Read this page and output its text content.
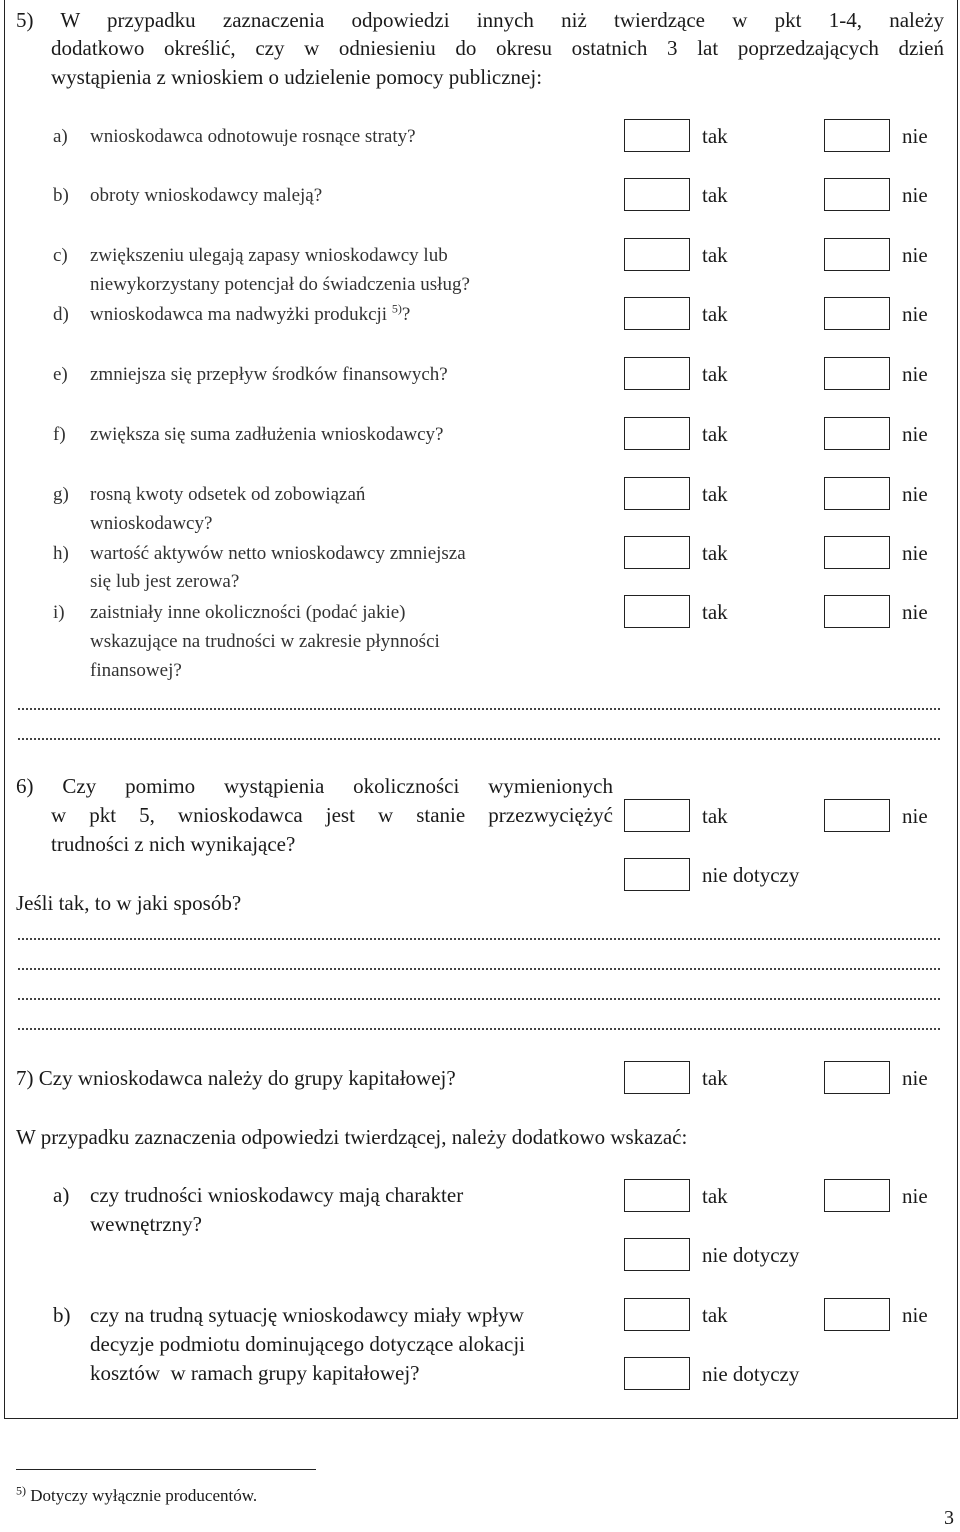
5) W przypadku zaznaczenia odpowiedzi innych niż twierdzące w pkt 1-4, należy
dodatkowo określić, czy w odniesieniu do okresu ostatnich 3 lat poprzedzających dzień
wystąpienia z wnioskiem o udzielenie pomocy publicznej:
a) wnioskodawca odnotowuje rosnące straty?	tak	nie
b) obroty wnioskodawcy maleją?	tak	nie
c) zwiększeniu ulegają zapasy wnioskodawcy lub
niewykorzystany potencjał do świadczenia usług?
tak	nie
d) wnioskodawca ma nadwyżki produkcji $^{5)}$?	tak	nie
e) zmniejsza się przepływ środków finansowych?	tak	nie
f) zwiększa się suma zadłużenia wnioskodawcy?	tak	nie
g) rosną kwoty odsetek od zobowiązań
wnioskodawcy?
tak	nie
h) wartość aktywów netto wnioskodawcy zmniejsza
się lub jest zerowa?
tak	nie
i) zaistniały inne okoliczności (podać jakie)
wskazujące na trudności w zakresie płynności
finansowej?
tak	nie
6) Czy pomimo wystąpienia okoliczności wymienionych
w pkt 5, wnioskodawca jest w stanie przezwyciężyć
trudności z nich wynikające?
tak	nie
nie dotyczy
Jeśli tak, to w jaki sposób?
7) Czy wnioskodawca należy do grupy kapitałowej?	tak	nie
W przypadku zaznaczenia odpowiedzi twierdzącej, należy dodatkowo wskazać:
a) czy trudności wnioskodawcy mają charakter
wewnętrzny?
tak	nie
nie dotyczy
b) czy na trudną sytuację wnioskodawcy miały wpływ
decyzje podmiotu dominującego dotyczące alokacji
kosztów  w ramach grupy kapitałowej?
tak	nie
nie dotyczy
$^{5)}$ Dotyczy wyłącznie producentów.
3
